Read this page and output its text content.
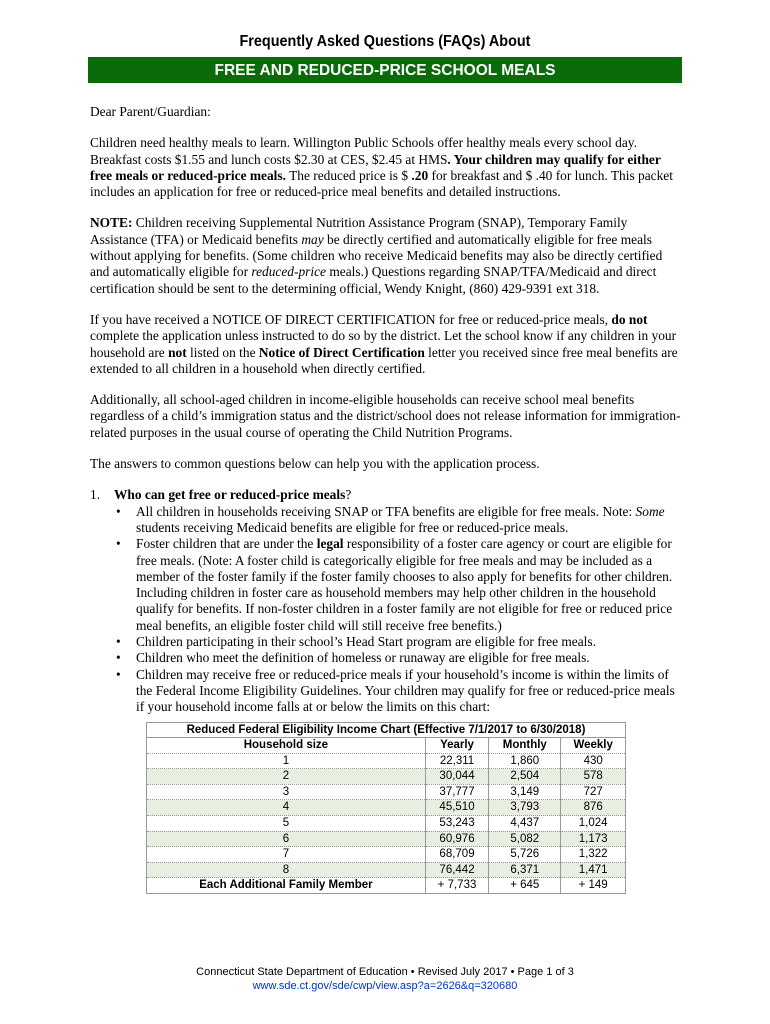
Frequently Asked Questions (FAQs) About
FREE AND REDUCED-PRICE SCHOOL MEALS

Dear Parent/Guardian:

Children need healthy meals to learn. Willington Public Schools offer healthy meals every school day. Breakfast costs $1.55 and lunch costs $2.30 at CES, $2.45 at HMS. Your children may qualify for either free meals or reduced-price meals. The reduced price is $ .20 for breakfast and $ .40 for lunch. This packet includes an application for free or reduced-price meal benefits and detailed instructions.

NOTE: Children receiving Supplemental Nutrition Assistance Program (SNAP), Temporary Family Assistance (TFA) or Medicaid benefits may be directly certified and automatically eligible for free meals without applying for benefits. (Some children who receive Medicaid benefits may also be directly certified and automatically eligible for reduced-price meals.) Questions regarding SNAP/TFA/Medicaid and direct certification should be sent to the determining official, Wendy Knight, (860) 429-9391 ext 318.

If you have received a NOTICE OF DIRECT CERTIFICATION for free or reduced-price meals, do not complete the application unless instructed to do so by the district. Let the school know if any children in your household are not listed on the Notice of Direct Certification letter you received since free meal benefits are extended to all children in a household when directly certified.

Additionally, all school-aged children in income-eligible households can receive school meal benefits regardless of a child’s immigration status and the district/school does not release information for immigration-related purposes in the usual course of operating the Child Nutrition Programs.

The answers to common questions below can help you with the application process.

1.	Who can get free or reduced-price meals?
• All children in households receiving SNAP or TFA benefits are eligible for free meals. Note: Some students receiving Medicaid benefits are eligible for free or reduced-price meals.
• Foster children that are under the legal responsibility of a foster care agency or court are eligible for free meals. (Note: A foster child is categorically eligible for free meals and may be included as a member of the foster family if the foster family chooses to also apply for benefits for other children. Including children in foster care as household members may help other children in the household qualify for benefits. If non-foster children in a foster family are not eligible for free or reduced price meal benefits, an eligible foster child will still receive free benefits.)
• Children participating in their school’s Head Start program are eligible for free meals.
• Children who meet the definition of homeless or runaway are eligible for free meals.
• Children may receive free or reduced-price meals if your household’s income is within the limits of the Federal Income Eligibility Guidelines. Your children may qualify for free or reduced-price meals if your household income falls at or below the limits on this chart:
Reduced Federal Eligibility Income Chart (Effective 7/1/2017 to 6/30/2018)			
Household size	Yearly	Monthly	Weekly
1	22,311	1,860	430
2	30,044	2,504	578
3	37,777	3,149	727
4	45,510	3,793	876
5	53,243	4,437	1,024
6	60,976	5,082	1,173
7	68,709	5,726	1,322
8	76,442	6,371	1,471
Each Additional Family Member	+ 7,733	+ 645	+ 149
Connecticut State Department of Education • Revised July 2017 • Page 1 of 3
www.sde.ct.gov/sde/cwp/view.asp?a=2626&q=320680
